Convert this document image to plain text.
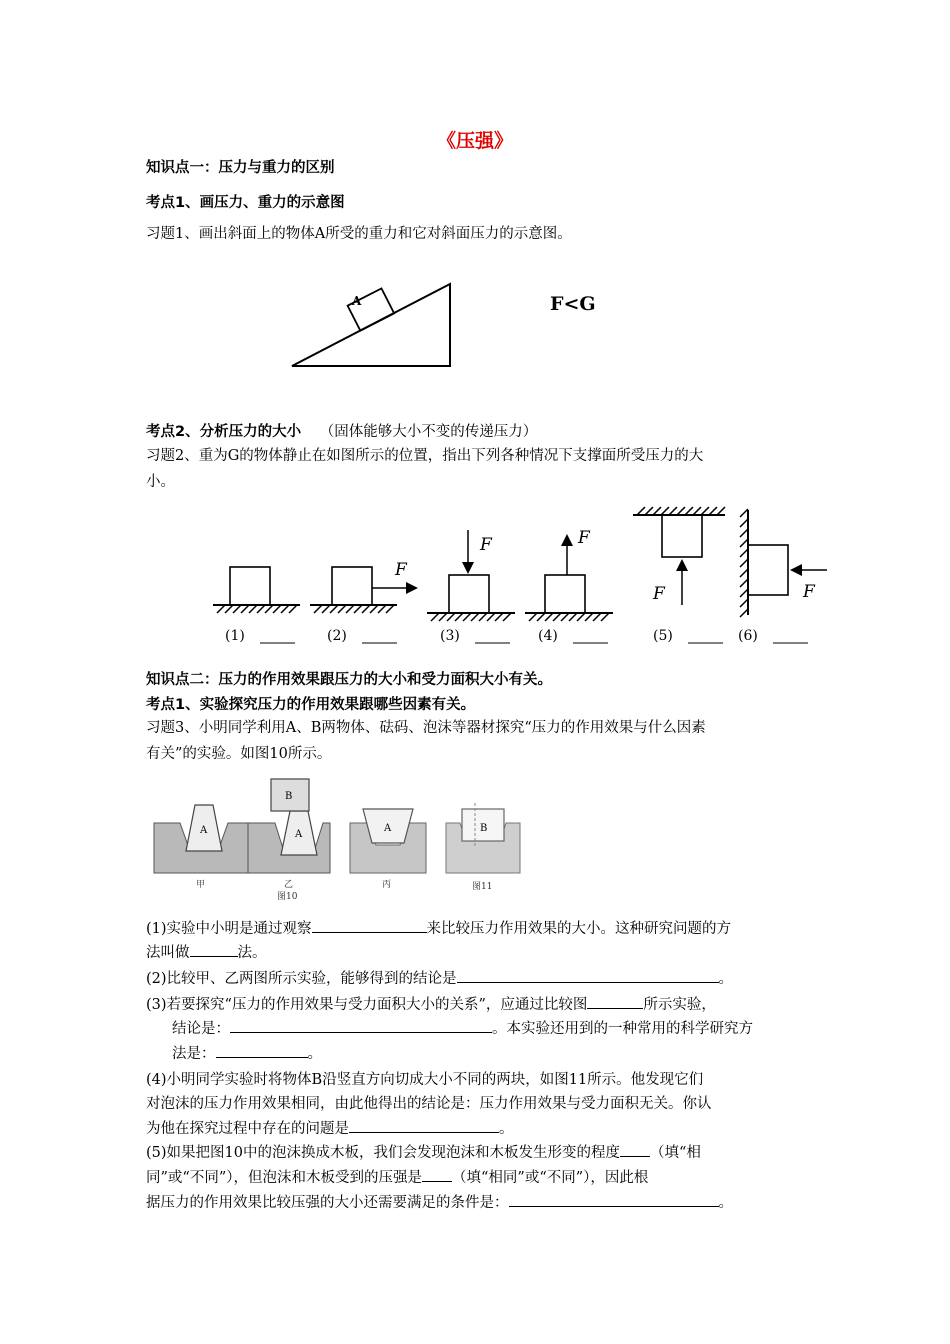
《压强》
知识点一：压力与重力的区别
考点1、画压力、重力的示意图
习题1、画出斜面上的物体A所受的重力和它对斜面压力的示意图。
A	F<G
考点2、分析压力的大小 （固体能够大小不变的传递压力）
习题2、重为G的物体静止在如图所示的位置，指出下列各种情况下支撑面所受压力的大
小。
F
F	F
F	F
(1)	(2)	(3)	(4)	(5)	(6)
知识点二：压力的作用效果跟压力的大小和受力面积大小有关。
考点1、实验探究压力的作用效果跟哪些因素有关。
习题3、小明同学利用A、B两物体、砝码、泡沫等器材探究“压力的作用效果与什么因素
有关”的实验。如图10所示。
A	A
B
A	B
甲	乙	丙	图11
图10
(1)实验中小明是通过观察	来比较压力作用效果的大小。这种研究问题的方
法叫做	法。
(2)比较甲、乙两图所示实验，能够得到的结论是	。
(3)若要探究“压力的作用效果与受力面积大小的关系”，应通过比较图	所示实验，
结论是：	。本实验还用到的一种常用的科学研究方
法是：	。
(4)小明同学实验时将物体B沿竖直方向切成大小不同的两块，如图11所示。他发现它们
对泡沫的压力作用效果相同，由此他得出的结论是：压力作用效果与受力面积无关。你认
为他在探究过程中存在的问题是	。
(5)如果把图10中的泡沫换成木板，我们会发现泡沫和木板发生形变的程度 （填“相
同”或“不同”），但泡沫和木板受到的压强是 （填“相同”或“不同”），因此根
据压力的作用效果比较压强的大小还需要满足的条件是：	。
